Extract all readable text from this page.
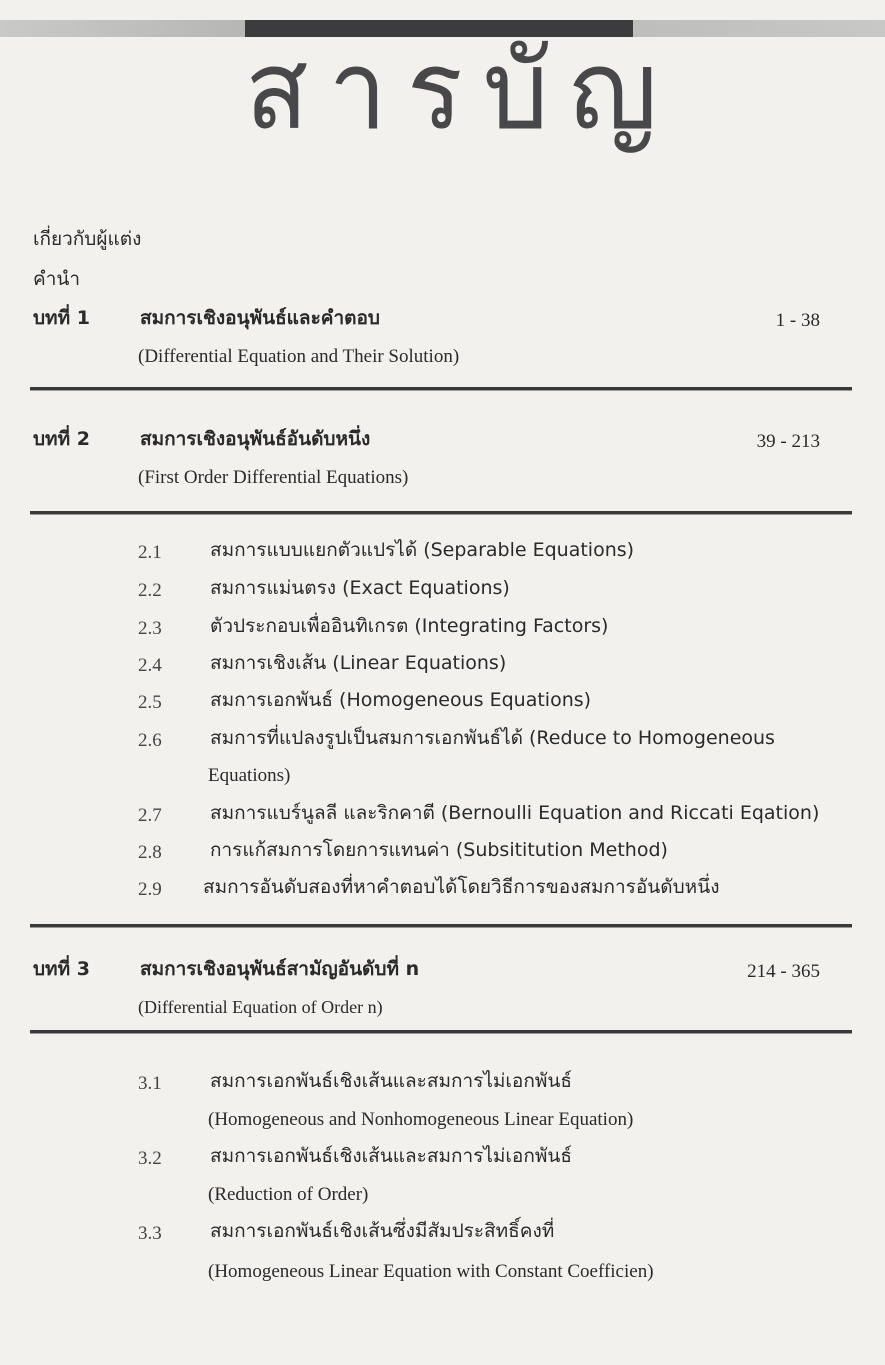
สารบัญ
เกี่ยวกับผู้แต่ง
คำนำ
บทที่ 1	สมการเชิงอนุพันธ์และคำตอบ	1 - 38
(Differential Equation and Their Solution)
บทที่ 2	สมการเชิงอนุพันธ์อันดับหนึ่ง	39 - 213
(First Order Differential Equations)
2.1	สมการแบบแยกตัวแปรได้ (Separable Equations)
2.2	สมการแม่นตรง (Exact Equations)
2.3	ตัวประกอบเพื่ออินทิเกรต (Integrating Factors)
2.4	สมการเชิงเส้น (Linear Equations)
2.5	สมการเอกพันธ์ (Homogeneous Equations)
2.6	สมการที่แปลงรูปเป็นสมการเอกพันธ์ได้ (Reduce to Homogeneous
Equations)
2.7	สมการแบร์นูลลี และริกคาตี (Bernoulli Equation and Riccati Eqation)
2.8	การแก้สมการโดยการแทนค่า (Subsititution Method)
2.9 สมการอันดับสองที่หาคำตอบได้โดยวิธีการของสมการอันดับหนึ่ง
บทที่ 3	สมการเชิงอนุพันธ์สามัญอันดับที่ n	214 - 365
(Differential Equation of Order n)
3.1	สมการเอกพันธ์เชิงเส้นและสมการไม่เอกพันธ์
(Homogeneous and Nonhomogeneous Linear Equation)
3.2	สมการเอกพันธ์เชิงเส้นและสมการไม่เอกพันธ์
(Reduction of Order)
3.3	สมการเอกพันธ์เชิงเส้นซึ่งมีสัมประสิทธิ์คงที่
(Homogeneous Linear Equation with Constant Coefficien)
